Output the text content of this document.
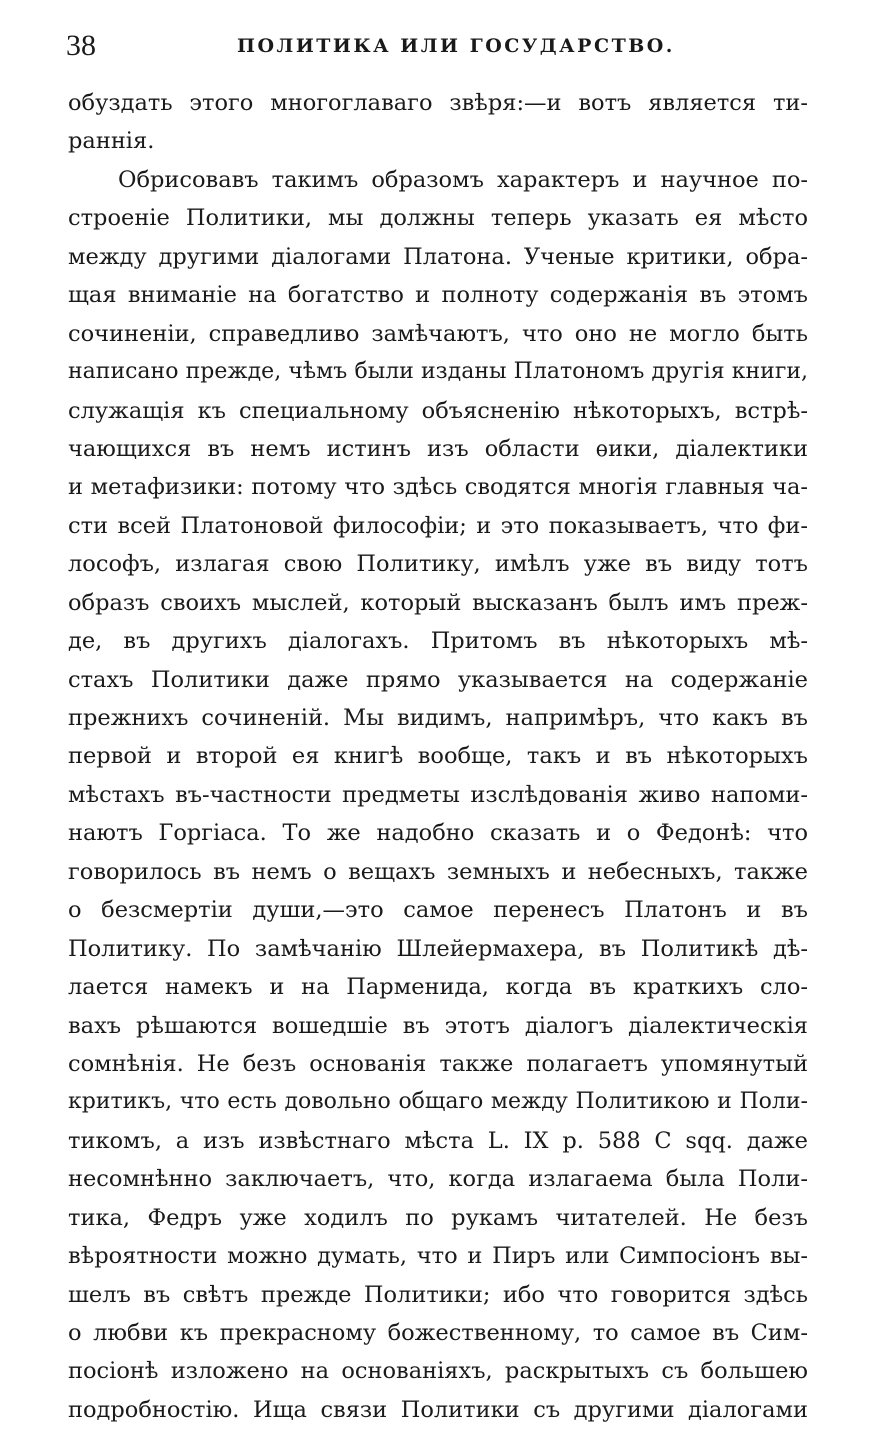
38	ПОЛИТИКА ИЛИ ГОСУДАРСТВО.
обуздать этого многоглаваго звѣря:—и вотъ является ти-
раннія.
Обрисовавъ такимъ образомъ характеръ и научное по-
строеніе Политики, мы должны теперь указать ея мѣсто
между другими діалогами Платона. Ученые критики, обра-
щая вниманіе на богатство и полноту содержанія въ этомъ
сочиненіи, справедливо замѣчаютъ, что оно не могло быть
написано прежде, чѣмъ были изданы Платономъ другія книги,
служащія къ специальному объясненію нѣкоторыхъ, встрѣ-
чающихся въ немъ истинъ изъ области ѳики, діалектики
и метафизики: потому что здѣсь сводятся многія главныя ча-
сти всей Платоновой философіи; и это показываетъ, что фи-
лософъ, излагая свою Политику, имѣлъ уже въ виду тотъ
образъ своихъ мыслей, который высказанъ былъ имъ преж-
де, въ другихъ діалогахъ. Притомъ въ нѣкоторыхъ мѣ-
стахъ Политики даже прямо указывается на содержаніе
прежнихъ сочиненій. Мы видимъ, напримѣръ, что какъ въ
первой и второй ея книгѣ вообще, такъ и въ нѣкоторыхъ
мѣстахъ въ-частности предметы изслѣдованія живо напоми-
наютъ Горгіаса. То же надобно сказать и о Федонѣ: что
говорилось въ немъ о вещахъ земныхъ и небесныхъ, также
о безсмертіи души,—это самое перенесъ Платонъ и въ
Политику. По замѣчанію Шлейермахера, въ Политикѣ дѣ-
лается намекъ и на Парменида, когда въ краткихъ сло-
вахъ рѣшаются вошедшіе въ этотъ діалогъ діалектическія
сомнѣнія. Не безъ основанія также полагаетъ упомянутый
критикъ, что есть довольно общаго между Политикою и Поли-
тикомъ, а изъ извѣстнаго мѣста L. IX p. 588 C sqq. даже
несомнѣнно заключаетъ, что, когда излагаема была Поли-
тика, Федръ уже ходилъ по рукамъ читателей. Не безъ
вѣроятности можно думать, что и Пиръ или Симпосіонъ вы-
шелъ въ свѣтъ прежде Политики; ибо что говорится здѣсь
о любви къ прекрасному божественному, то самое въ Сим-
посіонѣ изложено на основаніяхъ, раскрытыхъ съ большею
подробностію. Ища связи Политики съ другими діалогами
